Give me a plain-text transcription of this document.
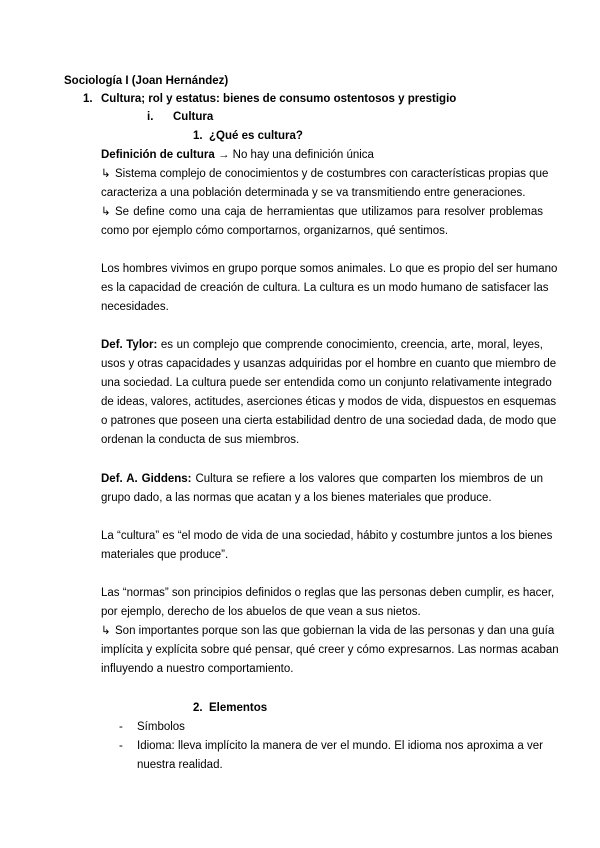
Sociología I (Joan Hernández)
1. Cultura; rol y estatus: bienes de consumo ostentosos y prestigio
i. Cultura
1. ¿Qué es cultura?
Definición de cultura → No hay una definición única
↳ Sistema complejo de conocimientos y de costumbres con características propias que
caracteriza a una población determinada y se va transmitiendo entre generaciones.
↳ Se define como una caja de herramientas que utilizamos para resolver problemas
como por ejemplo cómo comportarnos, organizarnos, qué sentimos.
Los hombres vivimos en grupo porque somos animales. Lo que es propio del ser humano
es la capacidad de creación de cultura. La cultura es un modo humano de satisfacer las
necesidades.
Def. Tylor: es un complejo que comprende conocimiento, creencia, arte, moral, leyes,
usos y otras capacidades y usanzas adquiridas por el hombre en cuanto que miembro de
una sociedad. La cultura puede ser entendida como un conjunto relativamente integrado
de ideas, valores, actitudes, aserciones éticas y modos de vida, dispuestos en esquemas
o patrones que poseen una cierta estabilidad dentro de una sociedad dada, de modo que
ordenan la conducta de sus miembros.
Def. A. Giddens: Cultura se refiere a los valores que comparten los miembros de un
grupo dado, a las normas que acatan y a los bienes materiales que produce.
La “cultura” es “el modo de vida de una sociedad, hábito y costumbre juntos a los bienes
materiales que produce”.
Las “normas” son principios definidos o reglas que las personas deben cumplir, es hacer,
por ejemplo, derecho de los abuelos de que vean a sus nietos.
↳ Son importantes porque son las que gobiernan la vida de las personas y dan una guía
implícita y explícita sobre qué pensar, qué creer y cómo expresarnos. Las normas acaban
influyendo a nuestro comportamiento.
2. Elementos
- Símbolos
- Idioma: lleva implícito la manera de ver el mundo. El idioma nos aproxima a ver
nuestra realidad.
